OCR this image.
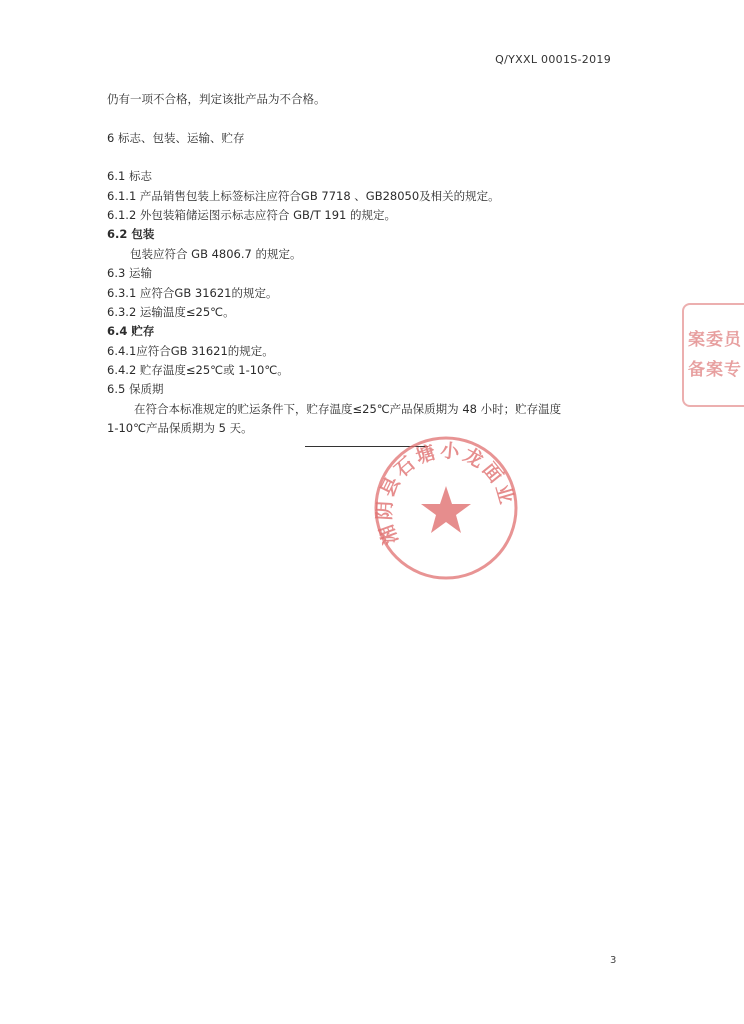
Q/YXXL 0001S-2019
仍有一项不合格，判定该批产品为不合格。
6 标志、包装、运输、贮存
6.1 标志
6.1.1 产品销售包装上标签标注应符合GB 7718 、GB28050及相关的规定。
6.1.2 外包装箱储运图示标志应符合 GB/T 191 的规定。
6.2 包装
包装应符合 GB 4806.7 的规定。
6.3 运输
6.3.1 应符合GB 31621的规定。
6.3.2 运输温度≤25℃。
6.4 贮存
6.4.1应符合GB 31621的规定。
6.4.2 贮存温度≤25℃或 1-10℃。
6.5 保质期
在符合本标准规定的贮运条件下，贮存温度≤25℃产品保质期为 48 小时；贮存温度
1-10℃产品保质期为 5 天。
湘阴县石塘小龙面业
案委员
备案专
3
